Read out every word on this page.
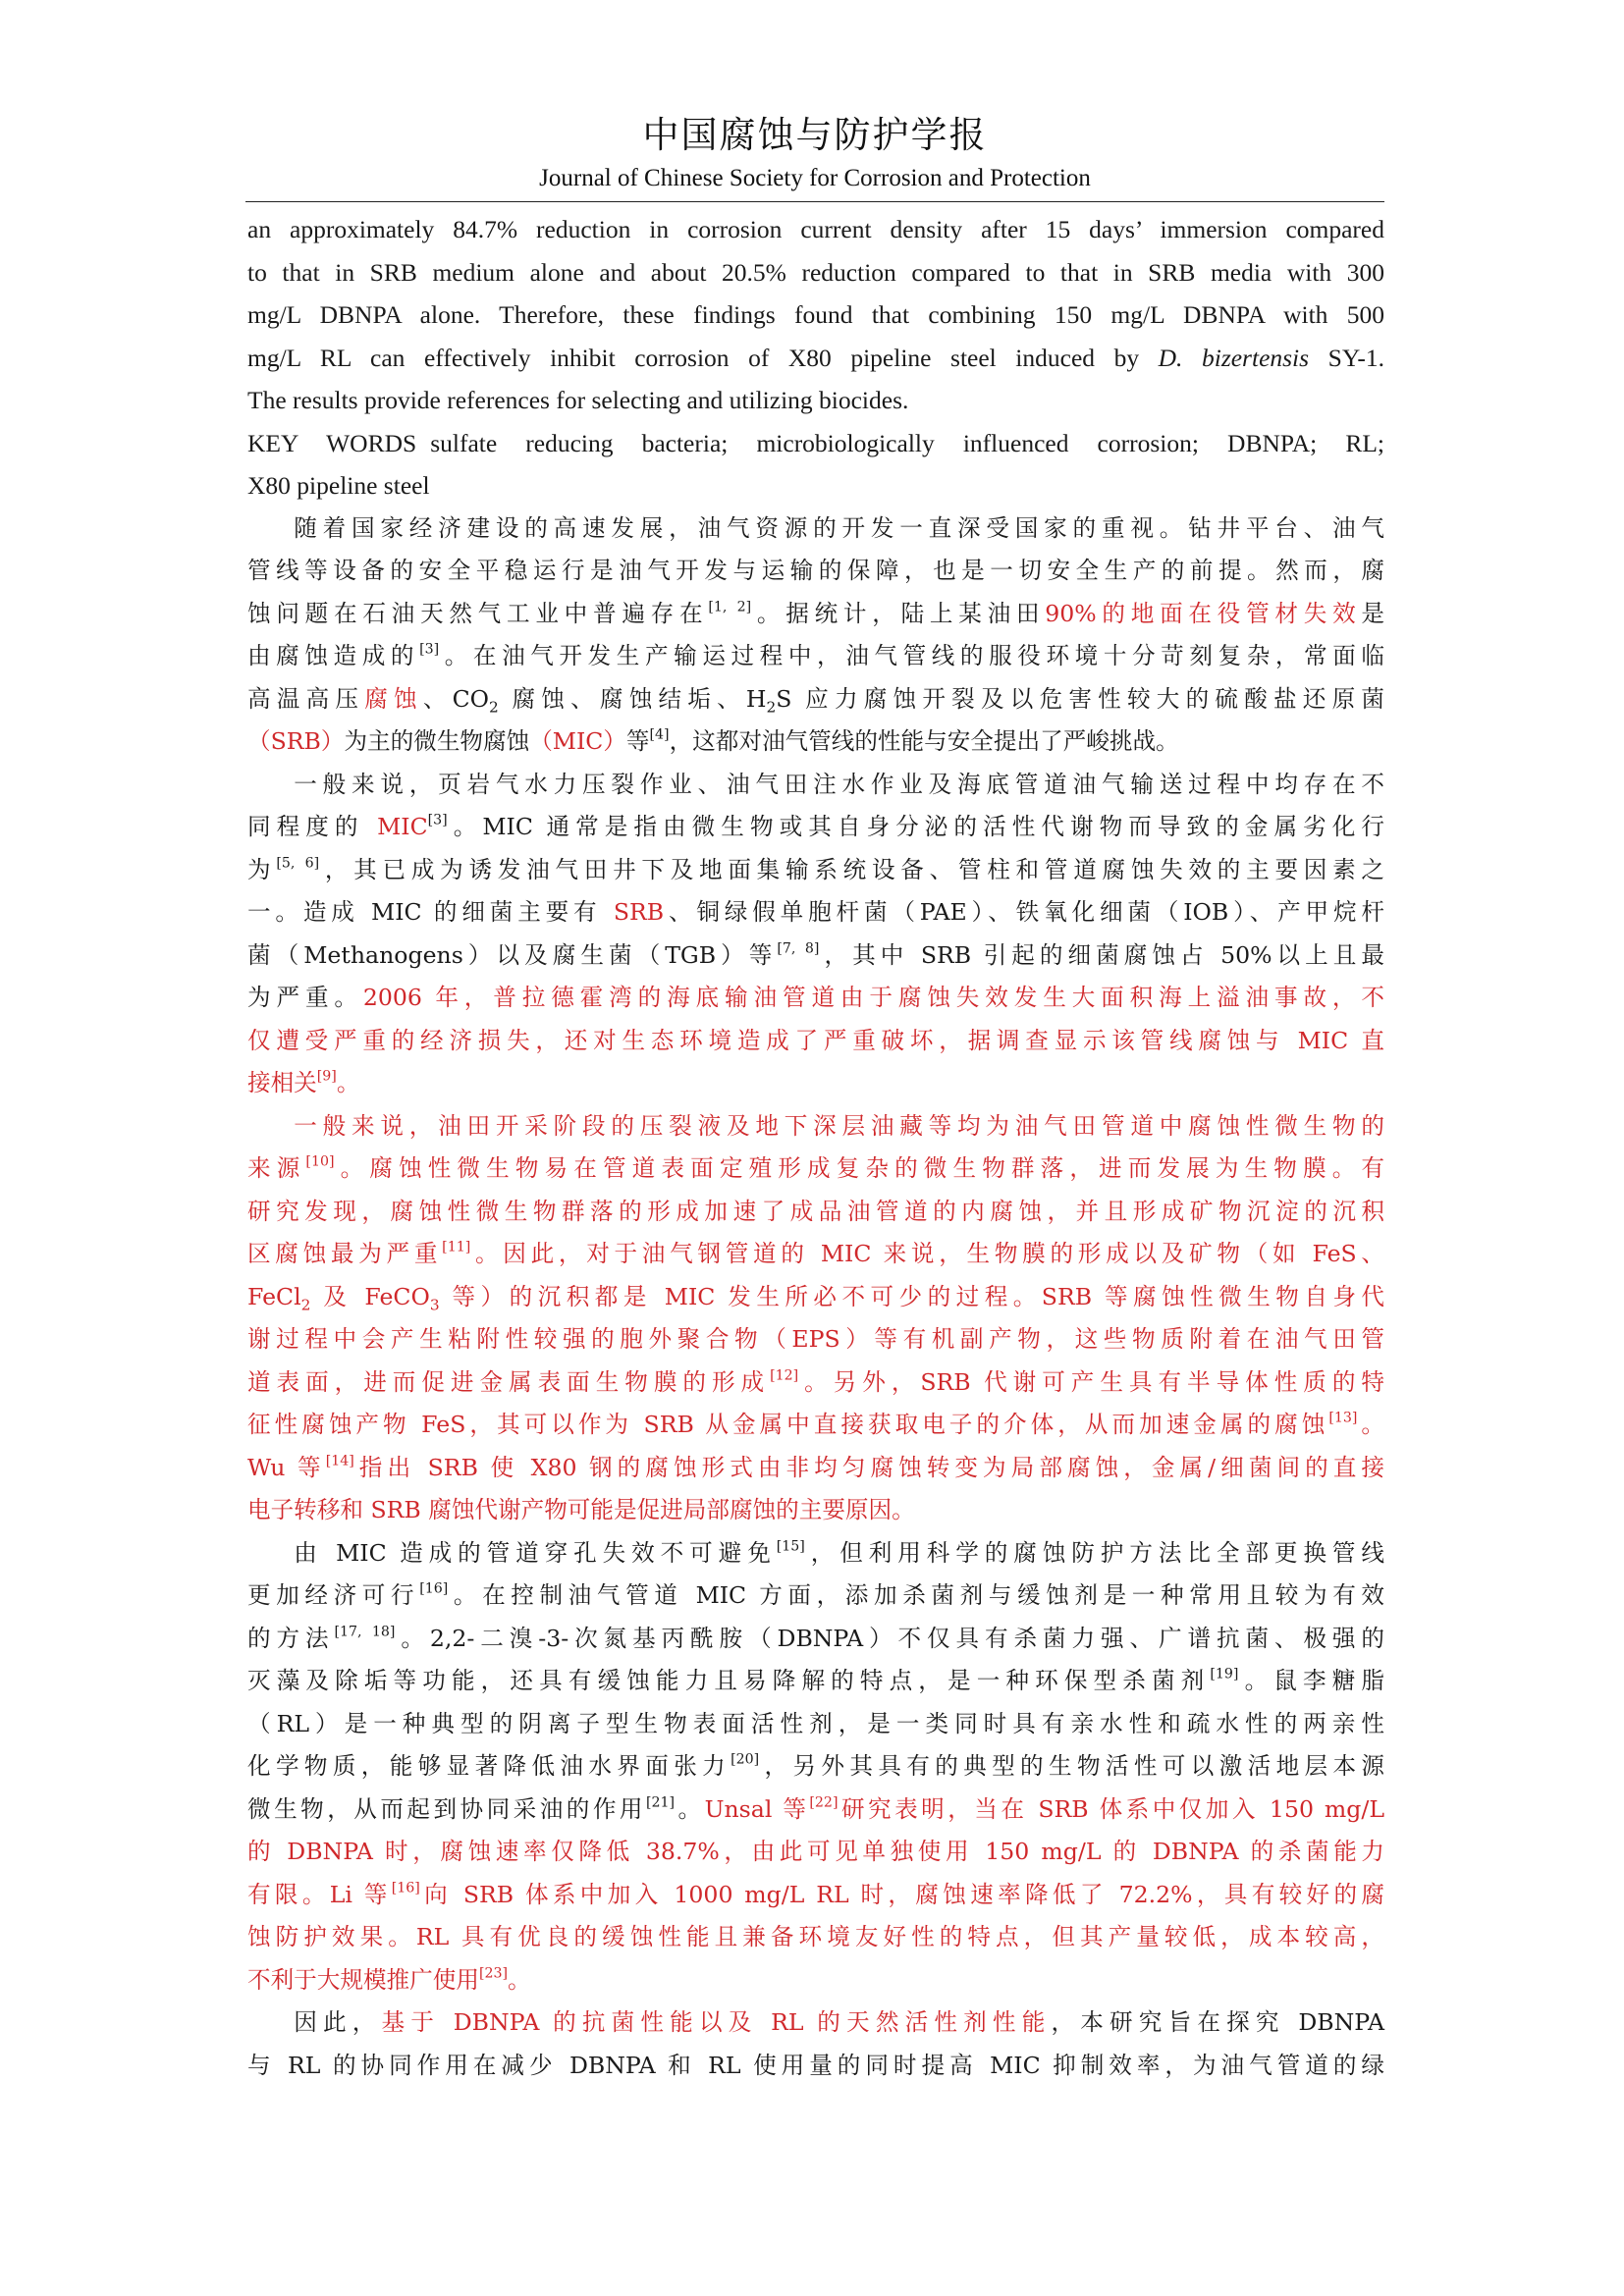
中国腐蚀与防护学报
Journal of Chinese Society for Corrosion and Protection
an approximately 84.7% reduction in corrosion current density after 15 days’ immersion compared
to that in SRB medium alone and about 20.5% reduction compared to that in SRB media with 300
mg/L DBNPA alone. Therefore, these findings found that combining 150 mg/L DBNPA with 500
mg/L RL can effectively inhibit corrosion of X80 pipeline steel induced by D. bizertensis SY-1.
The results provide references for selecting and utilizing biocides.
KEY WORDS sulfate reducing bacteria; microbiologically influenced corrosion; DBNPA; RL;
X80 pipeline steel
随着国家经济建设的高速发展，油气资源的开发一直深受国家的重视。钻井平台、油气
管线等设备的安全平稳运行是油气开发与运输的保障，也是一切安全生产的前提。然而，腐
蚀问题在石油天然气工业中普遍存在[1, 2]。据统计，陆上某油田90%的地面在役管材失效是
由腐蚀造成的[3]。在油气开发生产输运过程中，油气管线的服役环境十分苛刻复杂，常面临
高温高压腐蚀、$CO_2$ 腐蚀、腐蚀结垢、$H_2S$ 应力腐蚀开裂及以危害性较大的硫酸盐还原菌
（SRB）为主的微生物腐蚀（MIC）等[4]，这都对油气管线的性能与安全提出了严峻挑战。
一般来说，页岩气水力压裂作业、油气田注水作业及海底管道油气输送过程中均存在不
同程度的 MIC[3]。MIC 通常是指由微生物或其自身分泌的活性代谢物而导致的金属劣化行
为[5, 6]，其已成为诱发油气田井下及地面集输系统设备、管柱和管道腐蚀失效的主要因素之
一。造成 MIC 的细菌主要有 SRB、铜绿假单胞杆菌（PAE）、铁氧化细菌（IOB）、产甲烷杆
菌（Methanogens）以及腐生菌（TGB）等[7, 8]，其中 SRB 引起的细菌腐蚀占 50%以上且最
为严重。2006 年，普拉德霍湾的海底输油管道由于腐蚀失效发生大面积海上溢油事故，不
仅遭受严重的经济损失，还对生态环境造成了严重破坏，据调查显示该管线腐蚀与 MIC 直
接相关[9]。
一般来说，油田开采阶段的压裂液及地下深层油藏等均为油气田管道中腐蚀性微生物的
来源[10]。腐蚀性微生物易在管道表面定殖形成复杂的微生物群落，进而发展为生物膜。有
研究发现，腐蚀性微生物群落的形成加速了成品油管道的内腐蚀，并且形成矿物沉淀的沉积
区腐蚀最为严重[11]。因此，对于油气钢管道的 MIC 来说，生物膜的形成以及矿物（如 FeS、
FeCl$_2$ 及 FeCO$_3$ 等）的沉积都是 MIC 发生所必不可少的过程。SRB 等腐蚀性微生物自身代
谢过程中会产生粘附性较强的胞外聚合物（EPS）等有机副产物，这些物质附着在油气田管
道表面，进而促进金属表面生物膜的形成[12]。另外，SRB 代谢可产生具有半导体性质的特
征性腐蚀产物 FeS，其可以作为 SRB 从金属中直接获取电子的介体，从而加速金属的腐蚀[13]。
Wu 等[14]指出 SRB 使 X80 钢的腐蚀形式由非均匀腐蚀转变为局部腐蚀，金属/细菌间的直接
电子转移和 SRB 腐蚀代谢产物可能是促进局部腐蚀的主要原因。
由 MIC 造成的管道穿孔失效不可避免[15]，但利用科学的腐蚀防护方法比全部更换管线
更加经济可行[16]。在控制油气管道 MIC 方面，添加杀菌剂与缓蚀剂是一种常用且较为有效
的方法[17, 18]。2,2-二溴-3-次氮基丙酰胺（DBNPA）不仅具有杀菌力强、广谱抗菌、极强的
灭藻及除垢等功能，还具有缓蚀能力且易降解的特点，是一种环保型杀菌剂[19]。鼠李糖脂
（RL）是一种典型的阴离子型生物表面活性剂，是一类同时具有亲水性和疏水性的两亲性
化学物质，能够显著降低油水界面张力[20]，另外其具有的典型的生物活性可以激活地层本源
微生物，从而起到协同采油的作用[21]。Unsal 等[22]研究表明，当在 SRB 体系中仅加入 150 mg/L
的 DBNPA 时，腐蚀速率仅降低 38.7%，由此可见单独使用 150 mg/L 的 DBNPA 的杀菌能力
有限。Li 等[16]向 SRB 体系中加入 1000 mg/L RL 时，腐蚀速率降低了 72.2%，具有较好的腐
蚀防护效果。RL 具有优良的缓蚀性能且兼备环境友好性的特点，但其产量较低，成本较高，
不利于大规模推广使用[23]。
因此，基于 DBNPA 的抗菌性能以及 RL 的天然活性剂性能，本研究旨在探究 DBNPA
与 RL 的协同作用在减少 DBNPA 和 RL 使用量的同时提高 MIC 抑制效率，为油气管道的绿
